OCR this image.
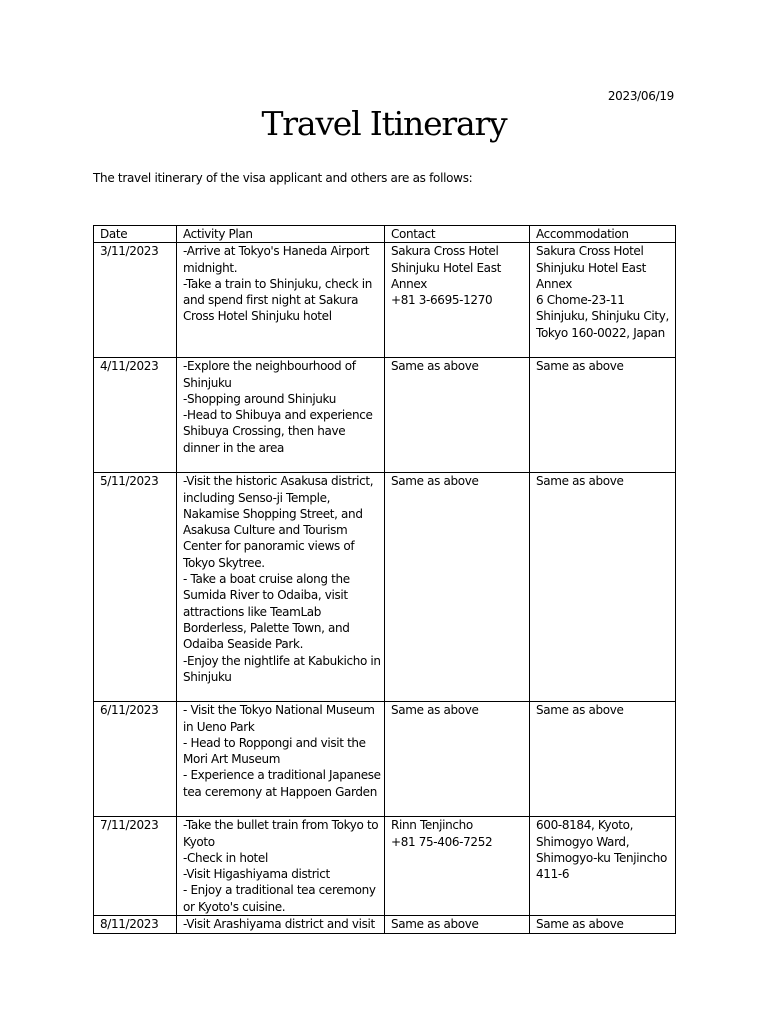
2023/06/19
Travel Itinerary

The travel itinerary of the visa applicant and others are as follows:

Date	Activity Plan	Contact	Accommodation
3/11/2023	-Arrive at Tokyo's Haneda Airport midnight.
-Take a train to Shinjuku, check in and spend first night at Sakura Cross Hotel Shinjuku hotel	Sakura Cross Hotel Shinjuku Hotel East Annex
+81 3-6695-1270	Sakura Cross Hotel Shinjuku Hotel East Annex
6 Chome-23-11 Shinjuku, Shinjuku City, Tokyo 160-0022, Japan
4/11/2023	-Explore the neighbourhood of Shinjuku
-Shopping around Shinjuku
-Head to Shibuya and experience Shibuya Crossing, then have dinner in the area	Same as above	Same as above
5/11/2023	-Visit the historic Asakusa district, including Senso-ji Temple, Nakamise Shopping Street, and Asakusa Culture and Tourism Center for panoramic views of Tokyo Skytree.
- Take a boat cruise along the Sumida River to Odaiba, visit attractions like TeamLab Borderless, Palette Town, and Odaiba Seaside Park.
-Enjoy the nightlife at Kabukicho in Shinjuku	Same as above	Same as above
6/11/2023	- Visit the Tokyo National Museum in Ueno Park
- Head to Roppongi and visit the Mori Art Museum
- Experience a traditional Japanese tea ceremony at Happoen Garden	Same as above	Same as above
7/11/2023	-Take the bullet train from Tokyo to Kyoto
-Check in hotel
-Visit Higashiyama district
- Enjoy a traditional tea ceremony or Kyoto's cuisine.	Rinn Tenjincho
+81 75-406-7252	600-8184, Kyoto, Shimogyo Ward, Shimogyo-ku Tenjincho 411-6
8/11/2023	-Visit Arashiyama district and visit	Same as above	Same as above
